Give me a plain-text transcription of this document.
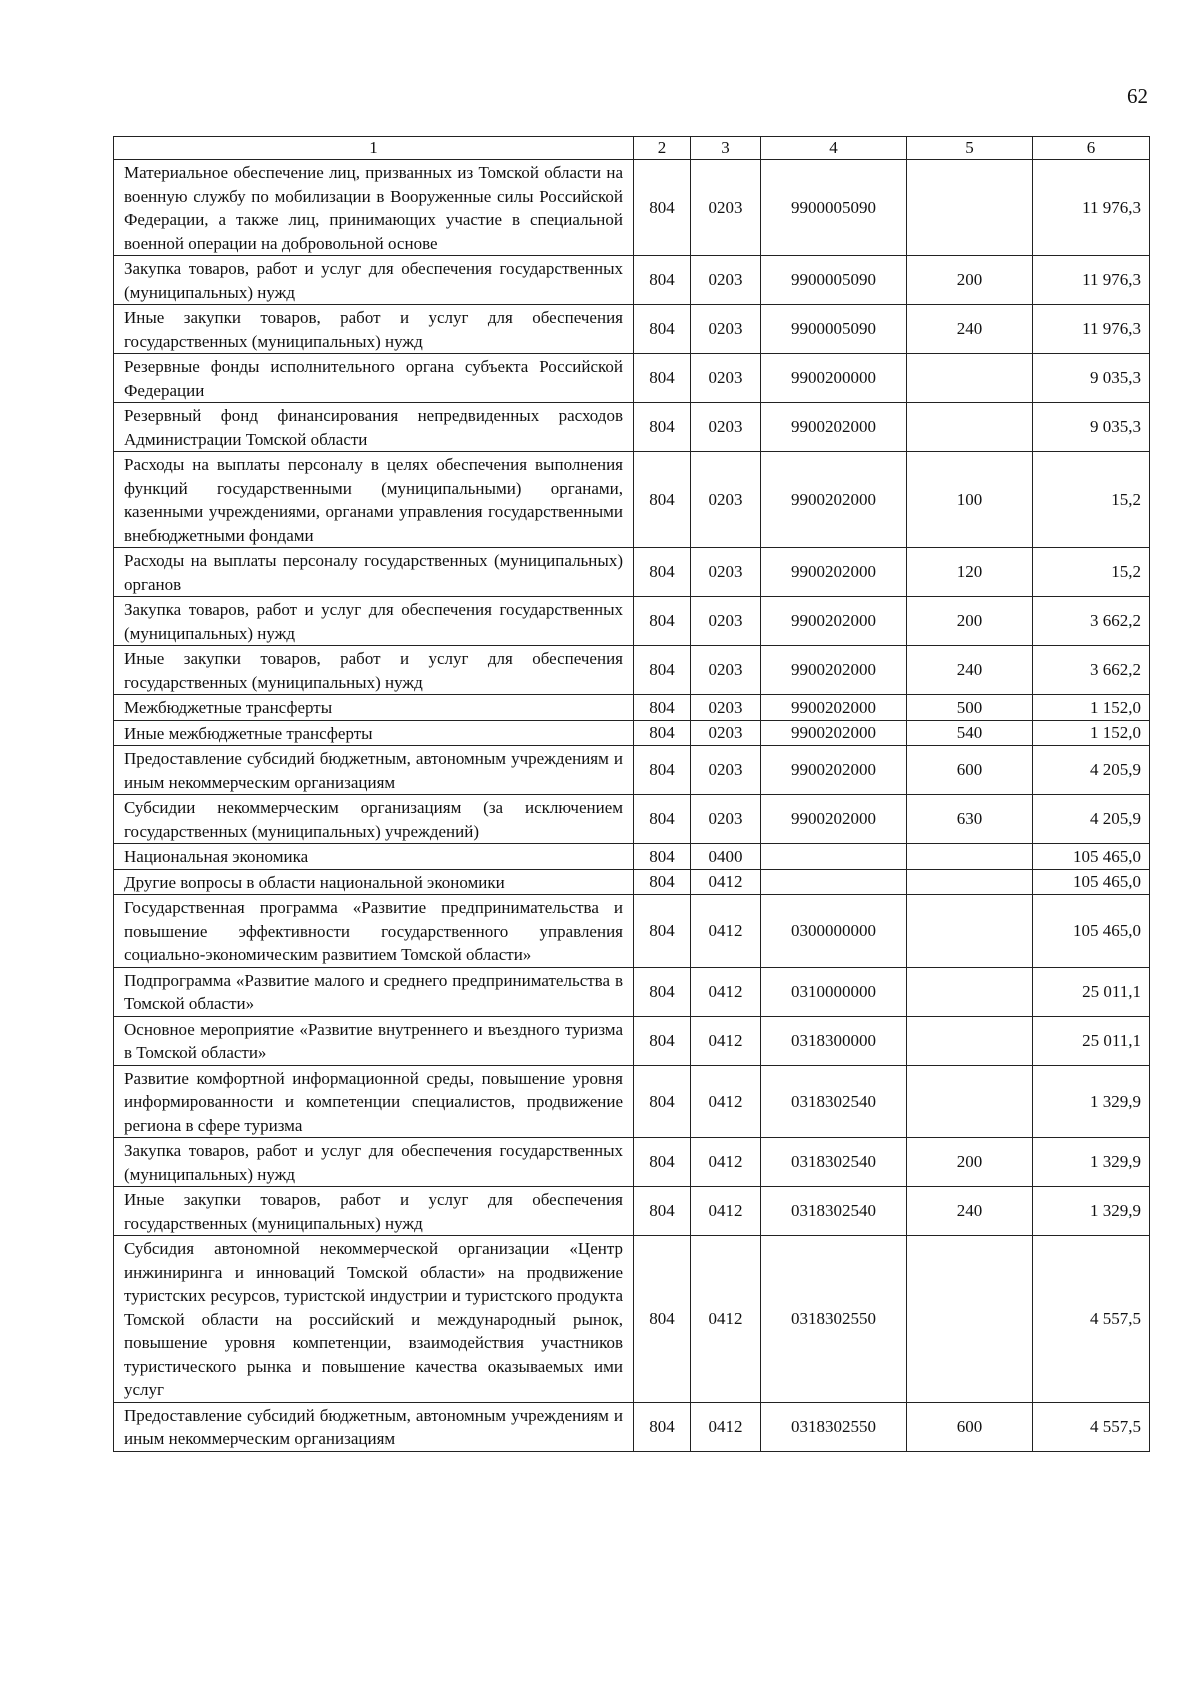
62
1	2	3	4	5	6
Материальное обеспечение лиц, призванных из Томской области на военную службу по мобилизации в Вооруженные силы Российской Федерации, а также лиц, принимающих участие в специальной военной операции на добровольной основе	804	0203	9900005090		11 976,3
Закупка товаров, работ и услуг для обеспечения государственных (муниципальных) нужд	804	0203	9900005090	200	11 976,3
Иные закупки товаров, работ и услуг для обеспечения государственных (муниципальных) нужд	804	0203	9900005090	240	11 976,3
Резервные фонды исполнительного органа субъекта Российской Федерации	804	0203	9900200000		9 035,3
Резервный фонд финансирования непредвиденных расходов Администрации Томской области	804	0203	9900202000		9 035,3
Расходы на выплаты персоналу в целях обеспечения выполнения функций государственными (муниципальными) органами, казенными учреждениями, органами управления государственными внебюджетными фондами	804	0203	9900202000	100	15,2
Расходы на выплаты персоналу государственных (муниципальных) органов	804	0203	9900202000	120	15,2
Закупка товаров, работ и услуг для обеспечения государственных (муниципальных) нужд	804	0203	9900202000	200	3 662,2
Иные закупки товаров, работ и услуг для обеспечения государственных (муниципальных) нужд	804	0203	9900202000	240	3 662,2
Межбюджетные трансферты	804	0203	9900202000	500	1 152,0
Иные межбюджетные трансферты	804	0203	9900202000	540	1 152,0
Предоставление субсидий бюджетным, автономным учреждениям и иным некоммерческим организациям	804	0203	9900202000	600	4 205,9
Субсидии некоммерческим организациям (за исключением государственных (муниципальных) учреждений)	804	0203	9900202000	630	4 205,9
Национальная экономика	804	0400			105 465,0
Другие вопросы в области национальной экономики	804	0412			105 465,0
Государственная программа «Развитие предпринимательства и повышение эффективности государственного управления социально-экономическим развитием Томской области»	804	0412	0300000000		105 465,0
Подпрограмма «Развитие малого и среднего предпринимательства в Томской области»	804	0412	0310000000		25 011,1
Основное мероприятие «Развитие внутреннего и въездного туризма в Томской области»	804	0412	0318300000		25 011,1
Развитие комфортной информационной среды, повышение уровня информированности и компетенции специалистов, продвижение региона в сфере туризма	804	0412	0318302540		1 329,9
Закупка товаров, работ и услуг для обеспечения государственных (муниципальных) нужд	804	0412	0318302540	200	1 329,9
Иные закупки товаров, работ и услуг для обеспечения государственных (муниципальных) нужд	804	0412	0318302540	240	1 329,9
Субсидия автономной некоммерческой организации «Центр инжиниринга и инноваций Томской области» на продвижение туристских ресурсов, туристской индустрии и туристского продукта Томской области на российский и международный рынок, повышение уровня компетенции, взаимодействия участников туристического рынка и повышение качества оказываемых ими услуг	804	0412	0318302550		4 557,5
Предоставление субсидий бюджетным, автономным учреждениям и иным некоммерческим организациям	804	0412	0318302550	600	4 557,5
